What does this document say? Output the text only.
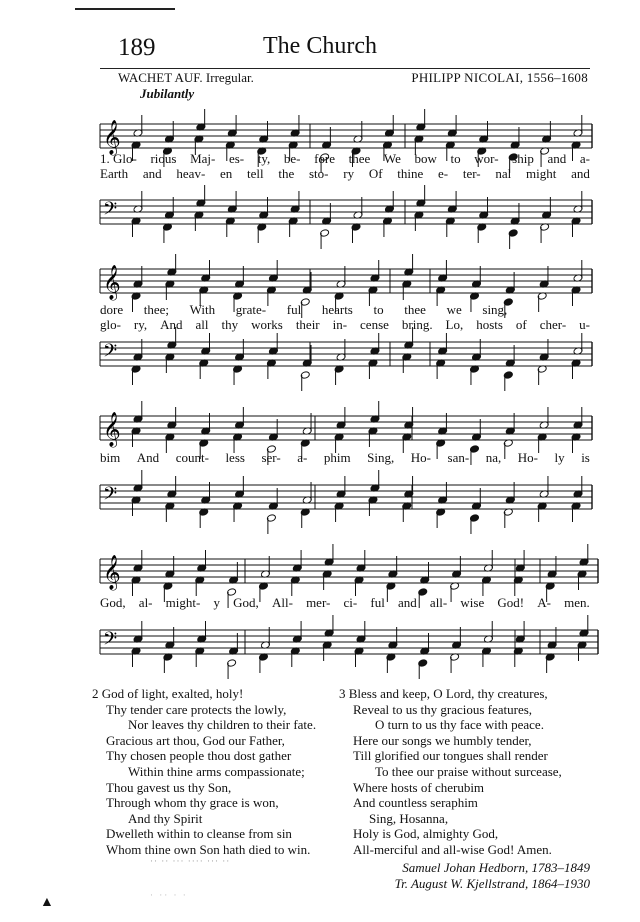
189	The Church
WACHET AUF. Irregular.	PHILIPP NICOLAI, 1556–1608
Jubilantly
𝄞
𝄢
1. Glo- rious Maj- es- ty, be- fore thee We bow to wor- ship and a-
Earth and heav- en tell the sto- ry Of thine e- ter- nal might and
𝄞
𝄢
dore thee; With grate- ful hearts to thee we sing,
glo- ry, And all thy works their in- cense bring. Lo, hosts of cher- u-
𝄞
𝄢
bim And count- less ser- a- phim Sing, Ho- san- na, Ho- ly is
𝄞
𝄢
God, al- might- y God, All- mer- ci- ful and all- wise God! A- men.
2 God of light, exalted, holy!
Thy tender care protects the lowly,
Nor leaves thy children to their fate.
Gracious art thou, God our Father,
Thy chosen people thou dost gather
Within thine arms compassionate;
Thou gavest us thy Son,
Through whom thy grace is won,
And thy Spirit
Dwelleth within to cleanse from sin
Whom thine own Son hath died to win.
3 Bless and keep, O Lord, thy creatures,
Reveal to us thy gracious features,
O turn to us thy face with peace.
Here our songs we humbly tender,
Till glorified our tongues shall render
To thee our praise without surcease,
Where hosts of cherubim
And countless seraphim
Sing, Hosanna,
Holy is God, almighty God,
All-merciful and all-wise God! Amen.
Samuel Johan Hedborn, 1783–1849
Tr. August W. Kjellstrand, 1864–1930
·· ·· ··· ···· ··· ··
· ·· · ·
▲
